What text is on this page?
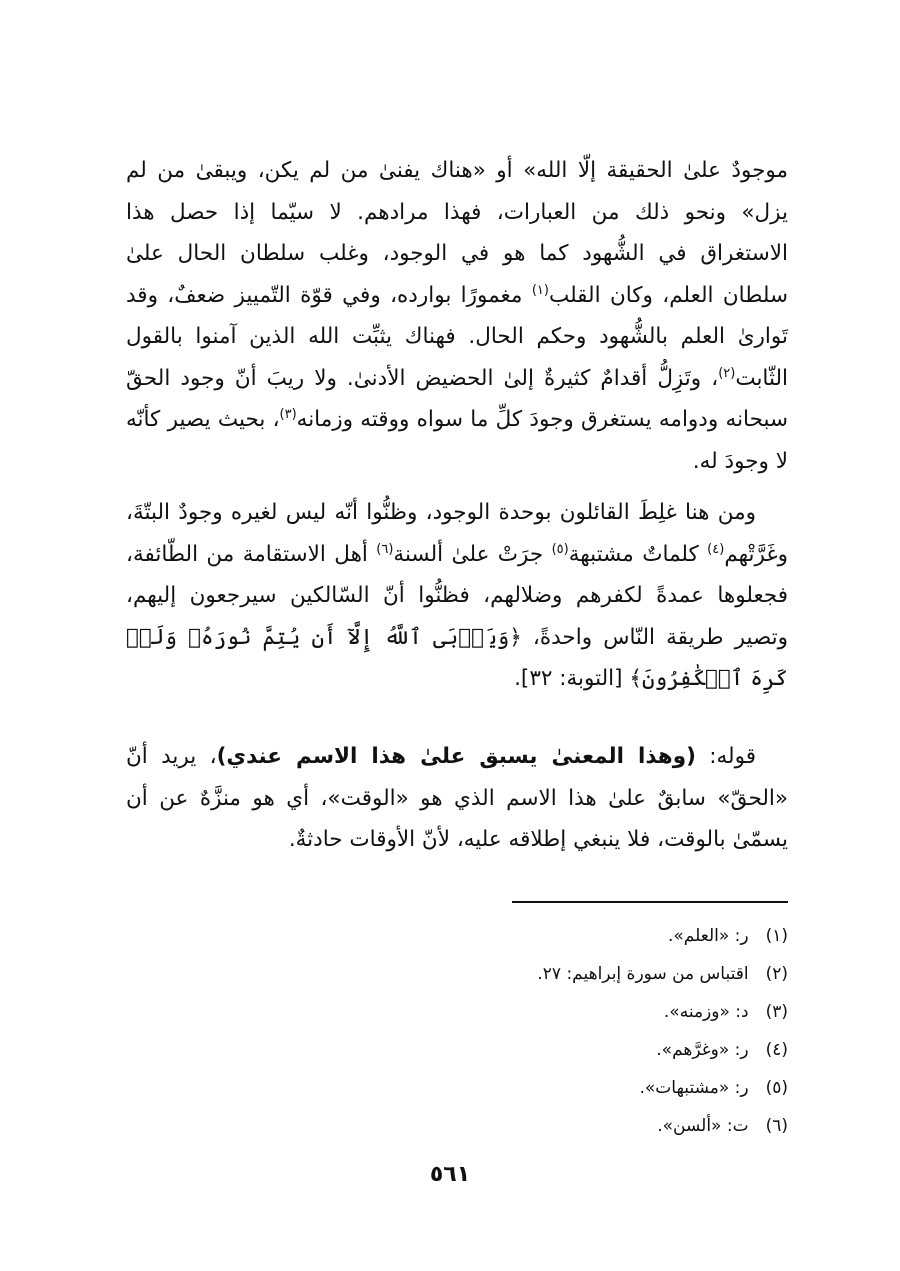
موجودٌ علىٰ الحقيقة إلّا الله» أو «هناك يفنىٰ من لم يكن، ويبقىٰ من لم يزل» ونحو ذلك من العبارات، فهذا مرادهم. لا سيّما إذا حصل هذا الاستغراق في الشُّهود كما هو في الوجود، وغلب سلطان الحال علىٰ سلطان العلم، وكان القلب$^{(١)}$ مغمورًا بوارده، وفي قوّة التّمييز ضعفٌ، وقد تَوارىٰ العلم بالشُّهود وحكم الحال. فهناك يثبِّت الله الذين آمنوا بالقول الثّابت$^{(٢)}$، وتَزِلُّ أقدامٌ كثيرةٌ إلىٰ الحضيض الأدنىٰ. ولا ريبَ أنّ وجود الحقّ سبحانه ودوامه يستغرق وجودَ كلِّ ما سواه ووقته وزمانه$^{(٣)}$، بحيث يصير كأنّه لا وجودَ له.

ومن هنا غلِطَ القائلون بوحدة الوجود، وظنُّوا أنّه ليس لغيره وجودٌ البتّةَ، وغَرَّتْهم$^{(٤)}$ كلماتٌ مشتبهة$^{(٥)}$ جرَتْ علىٰ ألسنة$^{(٦)}$ أهل الاستقامة من الطّائفة، فجعلوها عمدةً لكفرهم وضلالهم، فظنُّوا أنّ السّالكين سيرجعون إليهم، وتصير طريقة النّاس واحدةً، ﴿وَيَأۡبَى ٱللَّهُ إِلَّآ أَن يُتِمَّ نُورَهُۥ وَلَوۡ كَرِهَ ٱلۡكَٰفِرُونَ﴾ [التوبة: ٣٢].

قوله: (وهذا المعنىٰ يسبق علىٰ هذا الاسم عندي)، يريد أنّ «الحقّ» سابقٌ علىٰ هذا الاسم الذي هو «الوقت»، أي هو منزَّهٌ عن أن يسمّىٰ بالوقت، فلا ينبغي إطلاقه عليه، لأنّ الأوقات حادثةٌ.

(١) ر: «العلم».
(٢) اقتباس من سورة إبراهيم: ٢٧.
(٣) د: «وزمنه».
(٤) ر: «وغرَّهم».
(٥) ر: «مشتبهات».
(٦) ت: «ألسن».
٥٦١
